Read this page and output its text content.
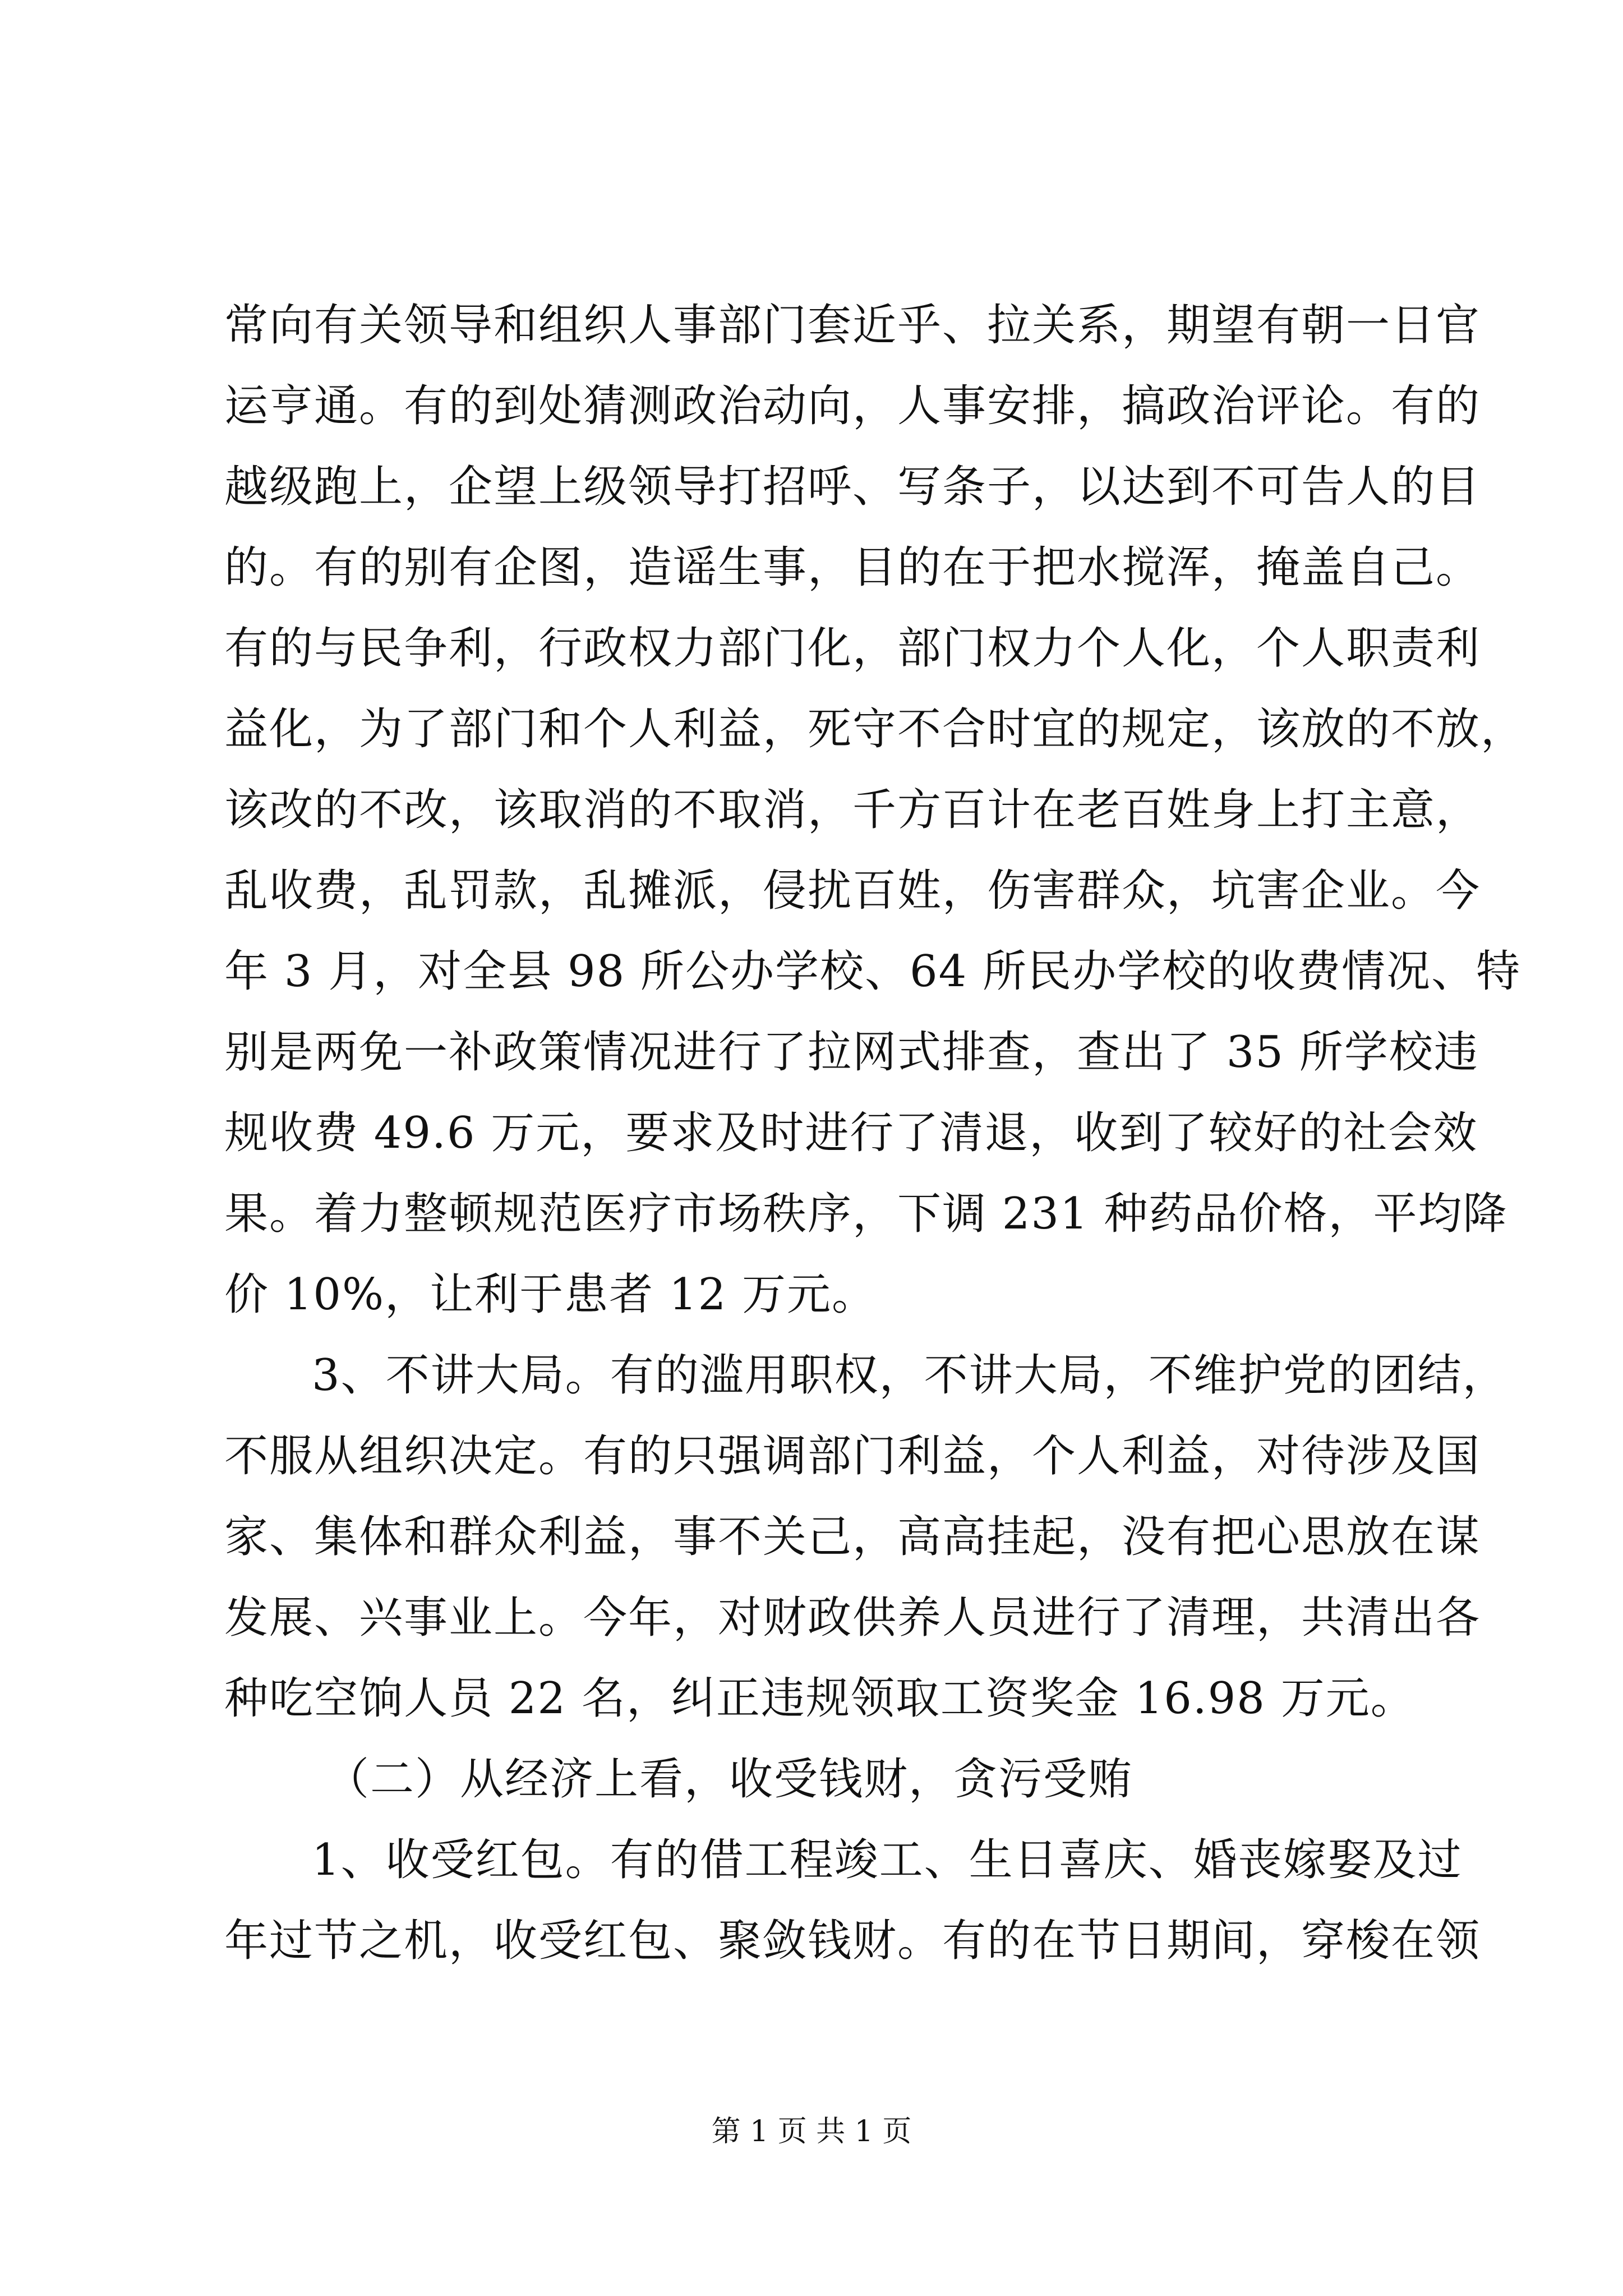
常向有关领导和组织人事部门套近乎、拉关系，期望有朝一日官
运亨通。有的到处猜测政治动向，人事安排，搞政治评论。有的
越级跑上，企望上级领导打招呼、写条子，以达到不可告人的目
的。有的别有企图，造谣生事，目的在于把水搅浑，掩盖自己。
有的与民争利，行政权力部门化，部门权力个人化，个人职责利
益化，为了部门和个人利益，死守不合时宜的规定，该放的不放，
该改的不改，该取消的不取消，千方百计在老百姓身上打主意，
乱收费，乱罚款，乱摊派，侵扰百姓，伤害群众，坑害企业。今
年 3 月，对全县 98 所公办学校、64 所民办学校的收费情况、特
别是两免一补政策情况进行了拉网式排查，查出了 35 所学校违
规收费 49.6 万元，要求及时进行了清退，收到了较好的社会效
果。着力整顿规范医疗市场秩序，下调 231 种药品价格，平均降
价 10%，让利于患者 12 万元。
3、不讲大局。有的滥用职权，不讲大局，不维护党的团结，
不服从组织决定。有的只强调部门利益，个人利益，对待涉及国
家、集体和群众利益，事不关己，高高挂起，没有把心思放在谋
发展、兴事业上。今年，对财政供养人员进行了清理，共清出各
种吃空饷人员 22 名，纠正违规领取工资奖金 16.98 万元。
（二）从经济上看，收受钱财，贪污受贿
1、收受红包。有的借工程竣工、生日喜庆、婚丧嫁娶及过
年过节之机，收受红包、聚敛钱财。有的在节日期间，穿梭在领
第 1 页 共 1 页
